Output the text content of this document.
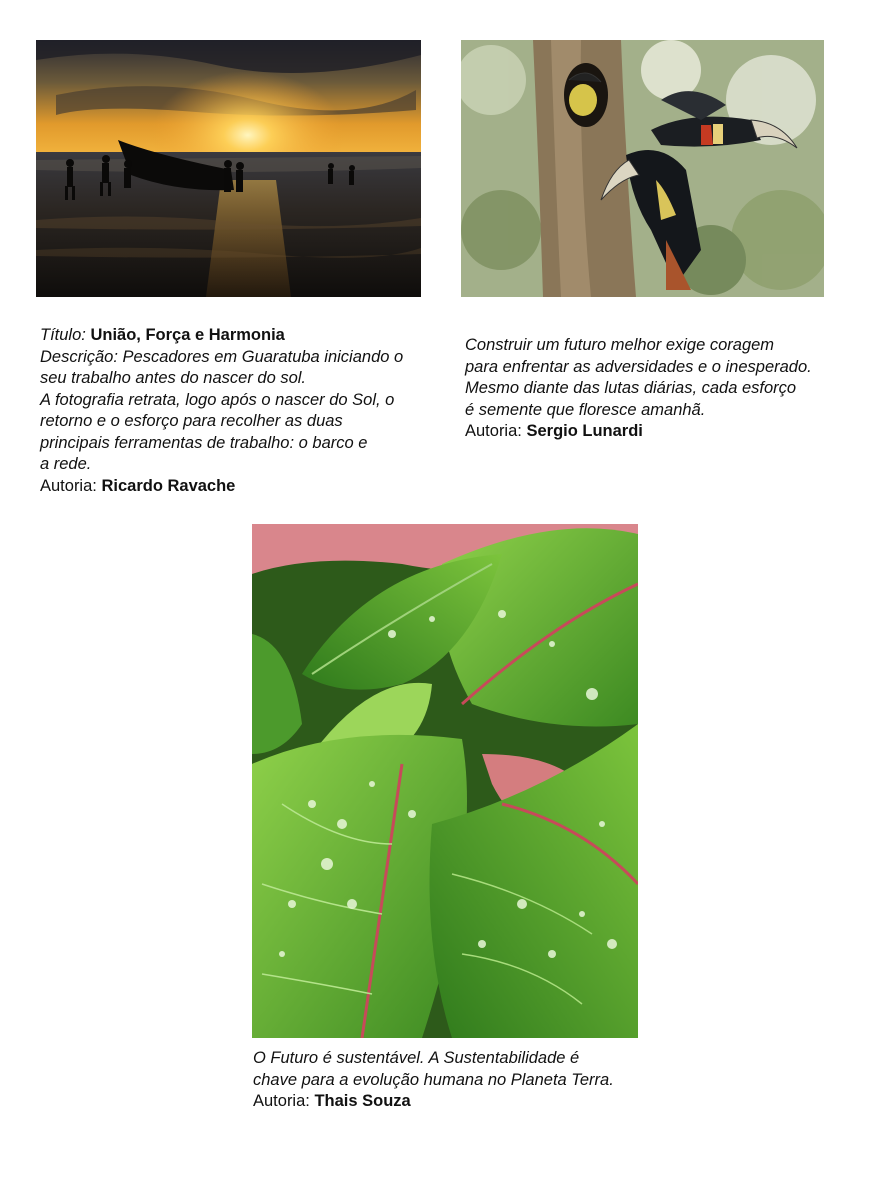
Título: União, Força e Harmonia

Descrição: Pescadores em Guaratuba iniciando o

seu trabalho antes do nascer do sol.

A fotografia retrata, logo após o nascer do Sol, o

retorno e o esforço para recolher as duas

principais ferramentas de trabalho: o barco e

a rede.

Autoria: Ricardo Ravache

Construir um futuro melhor exige coragem

para enfrentar as adversidades e o inesperado.

Mesmo diante das lutas diárias, cada esforço

é semente que floresce amanhã.

Autoria: Sergio Lunardi

O Futuro é sustentável. A Sustentabilidade é

chave para a evolução humana no Planeta Terra.

Autoria: Thais Souza
